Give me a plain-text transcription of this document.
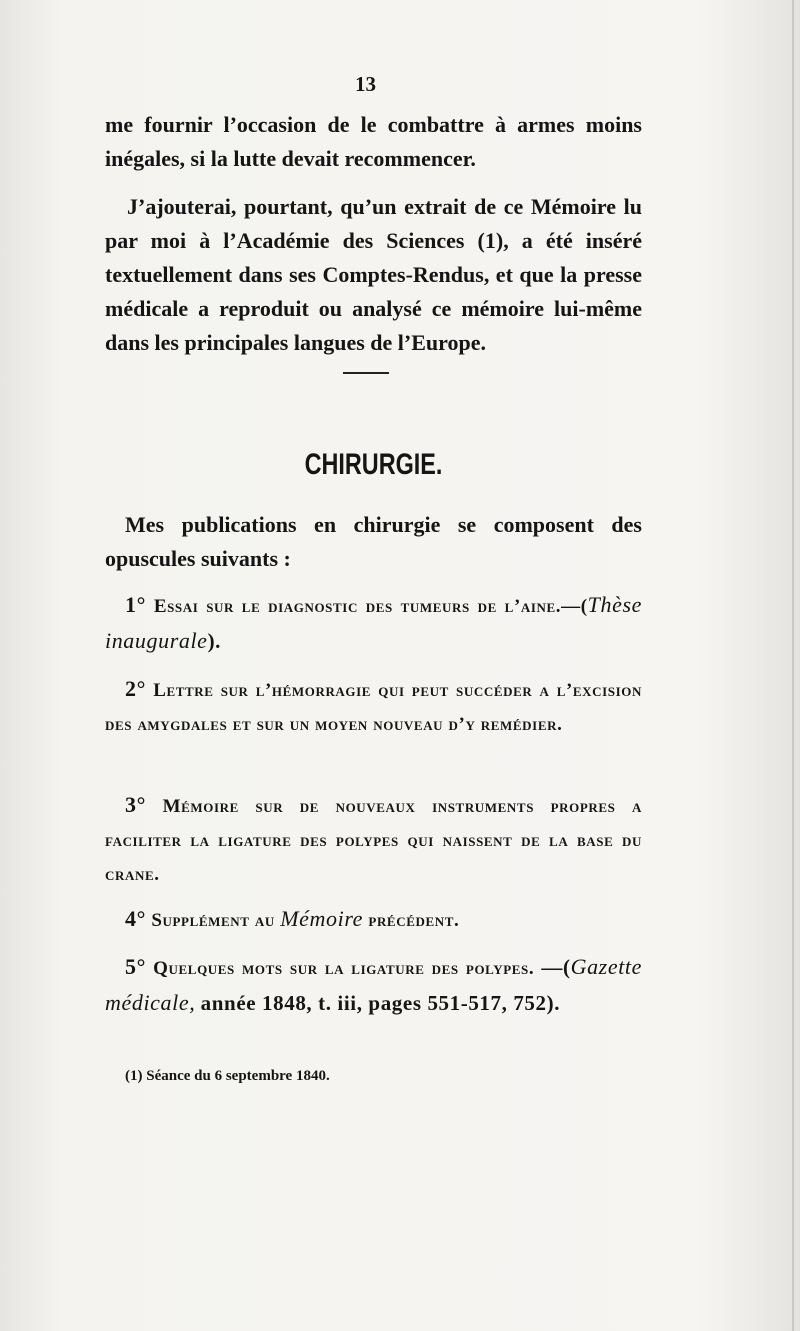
13

me fournir l’occasion de le combattre à armes moins inégales, si la lutte devait recommencer.

J’ajouterai, pourtant, qu’un extrait de ce Mémoire lu par moi à l’Académie des Sciences (1), a été inséré textuellement dans ses Comptes-Rendus, et que la presse médicale a reproduit ou analysé ce mémoire lui-même dans les principales langues de l’Europe.

CHIRURGIE.

Mes publications en chirurgie se composent des opuscules suivants :

1° Essai sur le diagnostic des tumeurs de l’aine.—(Thèse inaugurale).

2° Lettre sur l’hémorragie qui peut succéder a l’excision des amygdales et sur un moyen nouveau d’y remédier.

3° Mémoire sur de nouveaux instruments propres a faciliter la ligature des polypes qui naissent de la base du crane.

4° Supplément au Mémoire précédent.

5° Quelques mots sur la ligature des polypes. —(Gazette médicale, année 1848, t. iii, pages 551-517, 752).

(1) Séance du 6 septembre 1840.
